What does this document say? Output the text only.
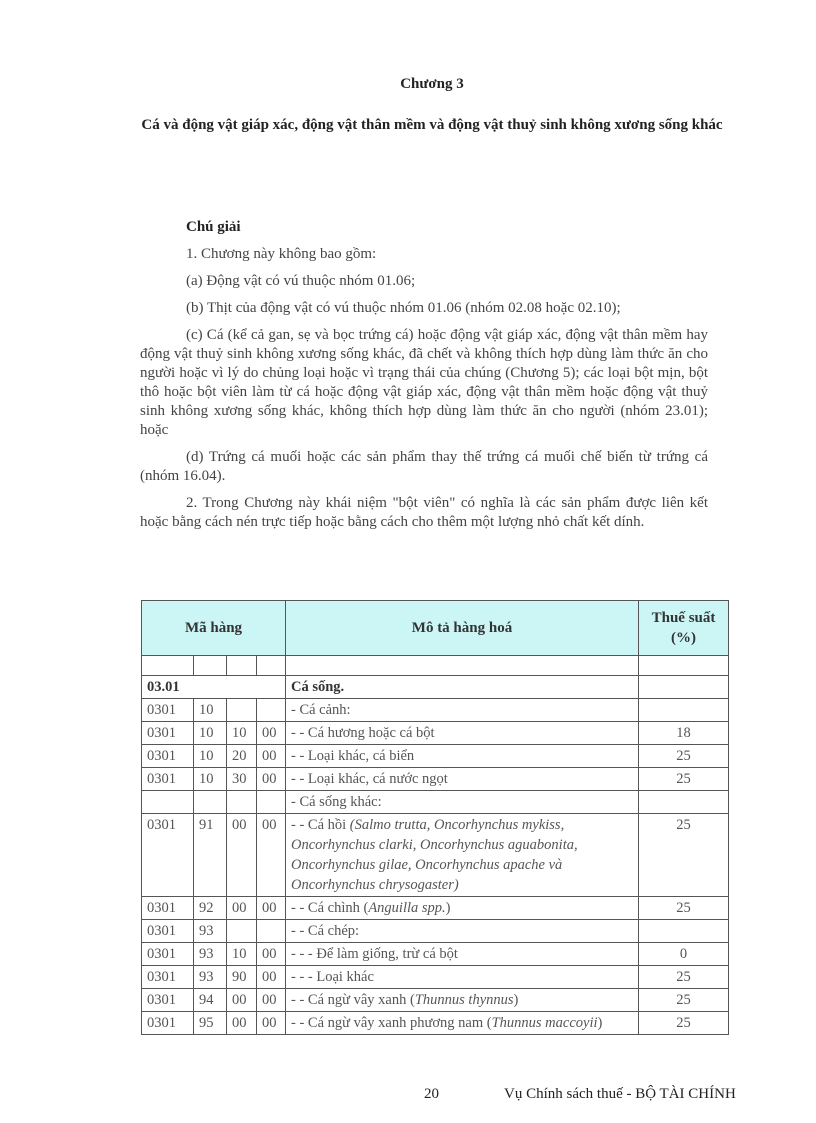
Chương 3
Cá và động vật giáp xác, động vật thân mềm và động vật thuỷ sinh không xương sống khác

Chú giải

1. Chương này không bao gồm:

(a) Động vật có vú thuộc nhóm 01.06;

(b) Thịt của động vật có vú thuộc nhóm 01.06 (nhóm 02.08 hoặc 02.10);

(c) Cá (kể cả gan, sẹ và bọc trứng cá) hoặc động vật giáp xác, động vật thân mềm hay động vật thuỷ sinh không xương sống khác, đã chết và không thích hợp dùng làm thức ăn cho người hoặc vì lý do chủng loại hoặc vì trạng thái của chúng (Chương 5); các loại bột mịn, bột thô hoặc bột viên làm từ cá hoặc động vật giáp xác, động vật thân mềm hoặc động vật thuỷ sinh không xương sống khác, không thích hợp dùng làm thức ăn cho người (nhóm 23.01); hoặc

(d) Trứng cá muối hoặc các sản phẩm thay thế trứng cá muối chế biến từ trứng cá (nhóm 16.04).

2. Trong Chương này khái niệm "bột viên" có nghĩa là các sản phẩm được liên kết hoặc bằng cách nén trực tiếp hoặc bằng cách cho thêm một lượng nhỏ chất kết dính.

Mã hàng				Mô tả hàng hoá	Thuế suất (%)

03.01				Cá sống.	
0301	10			- Cá cảnh:	
0301	10	10	00	- - Cá hương hoặc cá bột	18
0301	10	20	00	- - Loại khác, cá biển	25
0301	10	30	00	- - Loại khác, cá nước ngọt	25
				- Cá sống khác:	
0301	91	00	00	- - Cá hồi (Salmo trutta, Oncorhynchus mykiss, Oncorhynchus clarki, Oncorhynchus aguabonita, Oncorhynchus gilae, Oncorhynchus apache và Oncorhynchus chrysogaster)	25
0301	92	00	00	- - Cá chình (Anguilla spp.)	25
0301	93			- - Cá chép:	
0301	93	10	00	- - - Để làm giống, trừ cá bột	0
0301	93	90	00	- - - Loại khác	25
0301	94	00	00	- - Cá ngừ vây xanh (Thunnus thynnus)	25
0301	95	00	00	- - Cá ngừ vây xanh phương nam (Thunnus maccoyii)	25
20	Vụ Chính sách thuế - BỘ TÀI CHÍNH
